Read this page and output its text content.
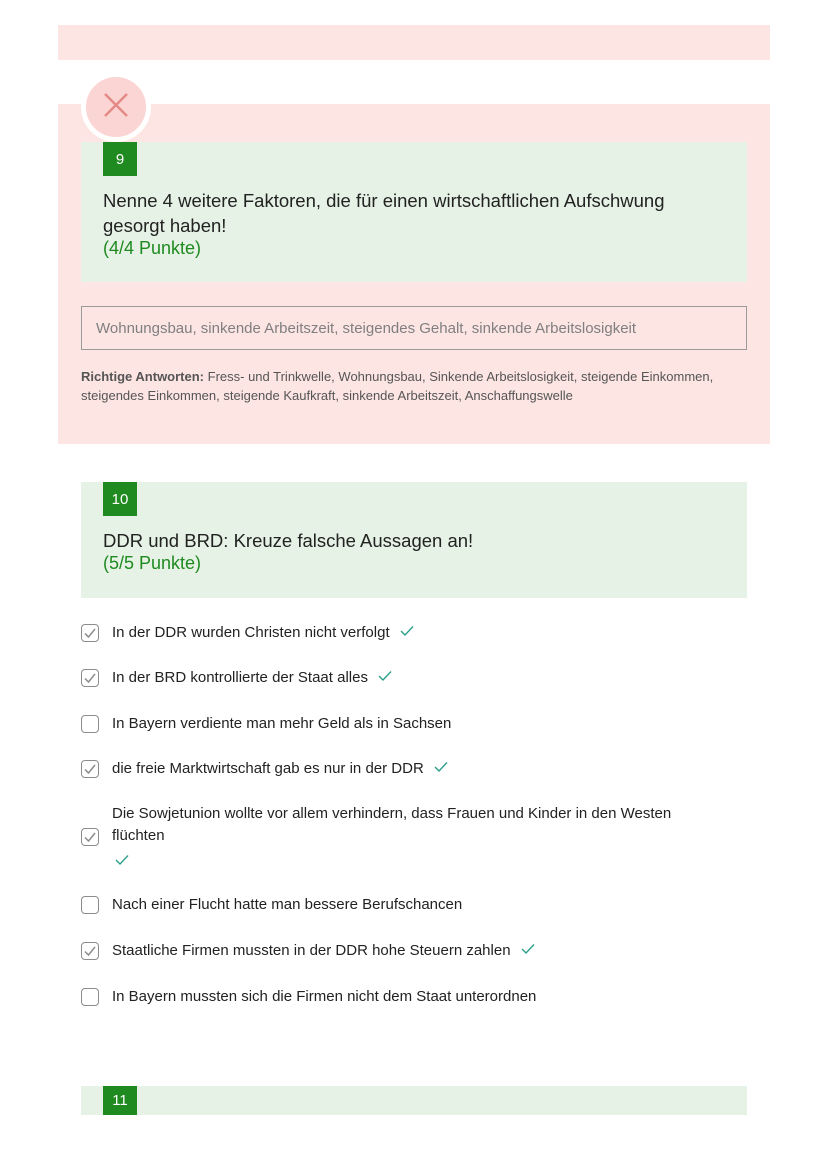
9
Nenne 4 weitere Faktoren, die für einen wirtschaftlichen Aufschwung gesorgt haben!
(4/4 Punkte)
Wohnungsbau, sinkende Arbeitszeit, steigendes Gehalt, sinkende Arbeitslosigkeit
Richtige Antworten: Fress- und Trinkwelle, Wohnungsbau, Sinkende Arbeitslosigkeit, steigende Einkommen, steigendes Einkommen, steigende Kaufkraft, sinkende Arbeitszeit, Anschaffungswelle
10
DDR und BRD: Kreuze falsche Aussagen an!
(5/5 Punkte)
In der DDR wurden Christen nicht verfolgt
In der BRD kontrollierte der Staat alles
In Bayern verdiente man mehr Geld als in Sachsen
die freie Marktwirtschaft gab es nur in der DDR
Die Sowjetunion wollte vor allem verhindern, dass Frauen und Kinder in den Westen flüchten
Nach einer Flucht hatte man bessere Berufschancen
Staatliche Firmen mussten in der DDR hohe Steuern zahlen
In Bayern mussten sich die Firmen nicht dem Staat unterordnen
11
